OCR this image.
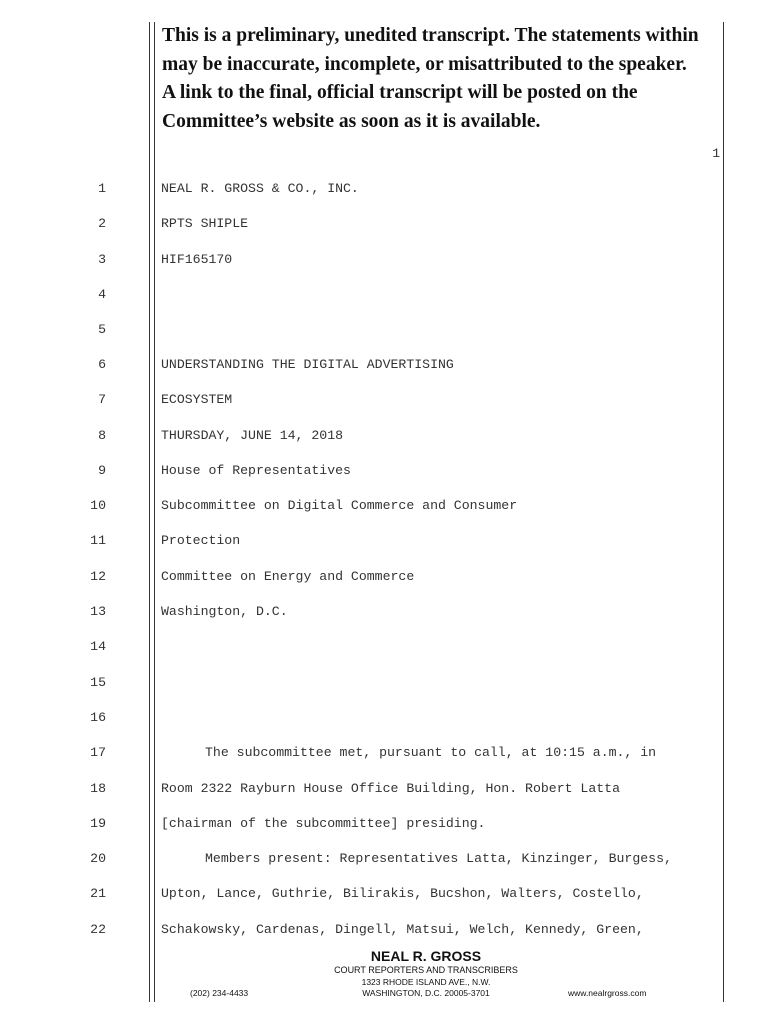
This is a preliminary, unedited transcript. The statements within
may be inaccurate, incomplete, or misattributed to the speaker.
A link to the final, official transcript will be posted on the
Committee’s website as soon as it is available.
1
1	NEAL R. GROSS & CO., INC.
2	RPTS SHIPLE
3	HIF165170
4
5
6	UNDERSTANDING THE DIGITAL ADVERTISING
7	ECOSYSTEM
8	THURSDAY, JUNE 14, 2018
9	House of Representatives
10	Subcommittee on Digital Commerce and Consumer
11	Protection
12	Committee on Energy and Commerce
13	Washington, D.C.
14
15
16
17	The subcommittee met, pursuant to call, at 10:15 a.m., in
18	Room 2322 Rayburn House Office Building, Hon. Robert Latta
19	[chairman of the subcommittee] presiding.
20	Members present: Representatives Latta, Kinzinger, Burgess,
21	Upton, Lance, Guthrie, Bilirakis, Bucshon, Walters, Costello,
22	Schakowsky, Cardenas, Dingell, Matsui, Welch, Kennedy, Green,
NEAL R. GROSS
COURT REPORTERS AND TRANSCRIBERS
1323 RHODE ISLAND AVE., N.W.
(202) 234-4433	WASHINGTON, D.C. 20005-3701	www.nealrgross.com
